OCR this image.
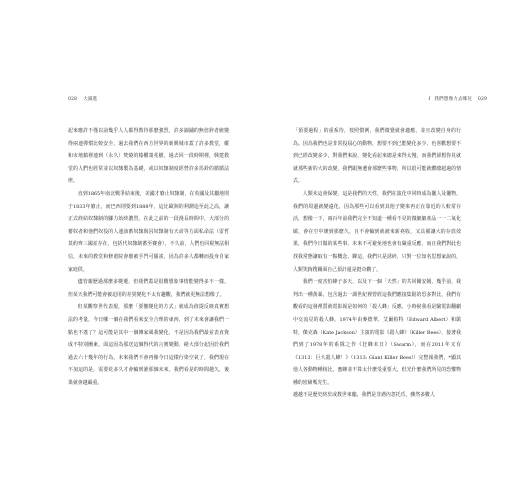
028 大滅進

起來應許不僅以前幾乎人人都得教待那麼強烈，許多錦鋪的無倍辞者統變得兩連彈慣比較安全，過去我們在西方世界的新興城市蓋了許多教堂，縱和市地鎮裡連到（永久）焚燒的榛櫃棗兆樹，過去回一段時期裡，興建教堂的人們也經常並以奴隸製為基礎，或以奴隸制度經營許多馬鈴的循循法律。

直到1865年南北戰爭結束後，美國才廢止奴隸制，在英國及其屬地則于1833年廢止，而巴西則要到1888年，這比歐洲的利潤追至此之高，讓正式終結奴隸制的腳力始終濃烈。在此之前的一段漫長時間中，大部分的蓄奴者和他們奴役的人連該蓄奴隸與囚奴隸制有天命等方面私命法（雷哲莫約齊三國並存在，包括代奴隸制蓄至賽會），不久前，人們也回視無法相信，未來的教堂和修遊院會廢被手門可羅雀，因為許多人都轉而投身自家家庭供。

儘管親歷過那麼多變遷，但我們蓋是很難想象事情能變得多不一樣。但某天我們可能會被迫用的差異變化不太有趣觀，我們就更無法想像了。

但某觀察世代表現，那麼「要撤變化的方式」就成為值提反映真實想法的考量，今日哪一個在我們看來安全合理的東西，到了未來會讓我們一點也不遙了？這可能是其中一個傳家風我變化，不是因為我們最並表直資成不特別團東。面這因為那送這個得代的言實變動，絕大部分起因於我們過去六十幾年的行為。未來我們不會再像今日這樣行染空氣了，我們現在不加這的是，需要花多久才會輪到誰那個未來，我們看是的時間越久，後果就會越嚴重。

I 我們想像力去哪兒 029

「預要過程」的重系待，按照慣例，我們微覺就會適應，並且改變自身的行為。因為我們也是非常投屆心的動物，想要不到已能變化多少，也喜歡想要不到已經改變多少，對我們來說，變化看起來總是來得太慢，而我們卻想你見就就那些新的大的改變，我們跟無遺會那麼些事物，所以很可能就體總超過的情式。

人類未這會保變，這是我們的天性，我們在演化中同時成為獵人及獵物，我們的周邊就變遠化，因為那些可以看到其他子變來再正在靠近的人較常存活，想像一下，兩百年前我們完全不知道一種看不見的微細細產品一一二氧化碳，會在空中壞到那麼久，且不會輪到就被來新堯收，又具備讓大的存放效果，我們今日做的某些事，未來不可避免地也會有嚴重反應，而且我們對此也找我常態讓取有一點概念，聯這，我們只是誘碎，只對一位知名思想家說的，人類笑鉤搜關面自己預計還是挺奇觀了。

我們一度害怕蜂子多天，以及下一個「天然」的共同關安競，幾乎前，我判出一種黃暴，包含過去一調世紀裡曾經這我們應接集鬆的恐多對比，我們有觀看的這發裡質就電影報是如何的「殺人蜂」反應，小時候我看是驗電影翻劇中交流見的殺人蜂，1974年由麥德華，艾爾柏特（Edward Albert）和凱特，傑克森（Kate Jackson）主演的電影《殺人蜂》（Killer Bees），接著我們到了1978年的系隊之作《狂蜂末日》（Swarm），而在2011年又有《1313：巨大殺人蜂！》（1313: Giant Killer Bees!）完整報我們，*顯其他人各動物種相比，蜜蜂並不算太什麼受重要大，但光什麼我們所見的恐懼物種的密級嗎先生。

越越不是歷史終於或教世來臨，我們是非遇內忽托爪，雖然多數人
